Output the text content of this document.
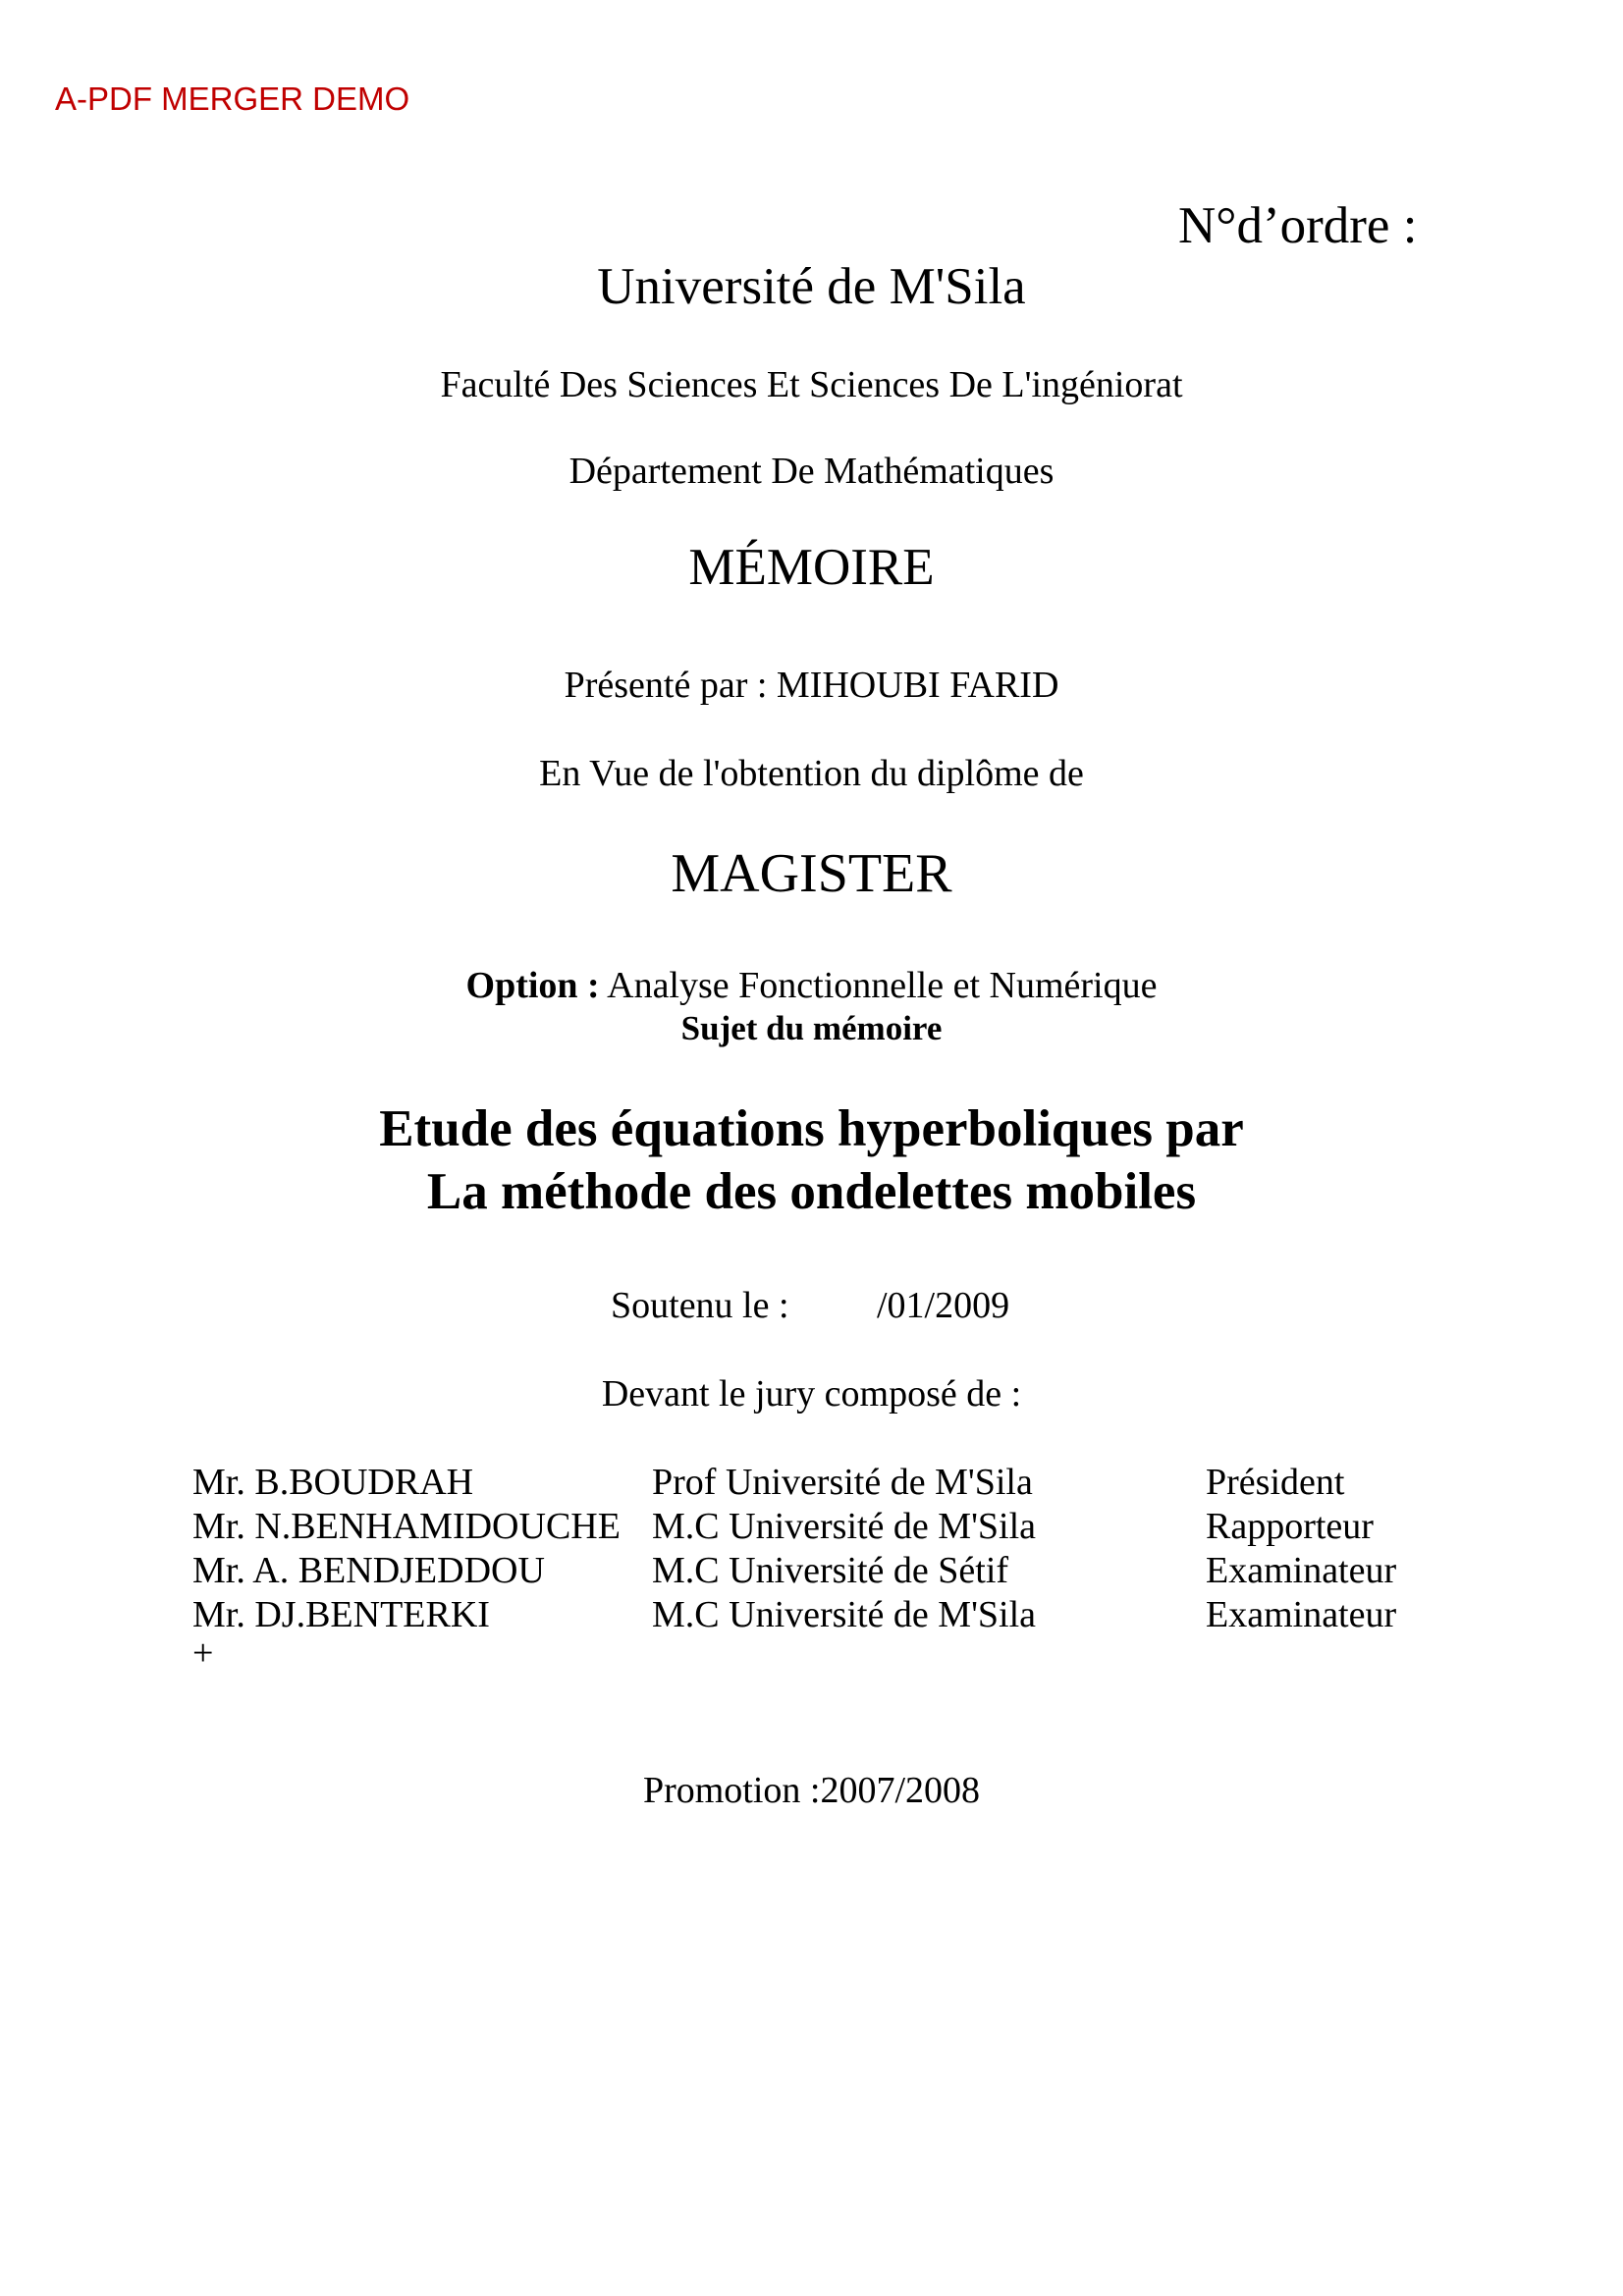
A-PDF MERGER DEMO
N°d’ordre :
Université de M'Sila
Faculté Des Sciences Et Sciences De L'ingéniorat
Département De Mathématiques
MÉMOIRE
Présenté par : MIHOUBI FARID
En Vue de l'obtention du diplôme de
MAGISTER
Option : Analyse Fonctionnelle et Numérique
Sujet du mémoire
Etude des équations hyperboliques par
La méthode des ondelettes mobiles
Soutenu le : /01/2009
Devant le jury composé de :
Mr. B.BOUDRAH	Prof Université de M'Sila	Président
Mr. N.BENHAMIDOUCHE M.C Université de M'Sila	Rapporteur
Mr. A. BENDJEDDOU	M.C Université de Sétif	Examinateur
Mr. DJ.BENTERKI	M.C Université de M'Sila	Examinateur
+
Promotion :2007/2008
